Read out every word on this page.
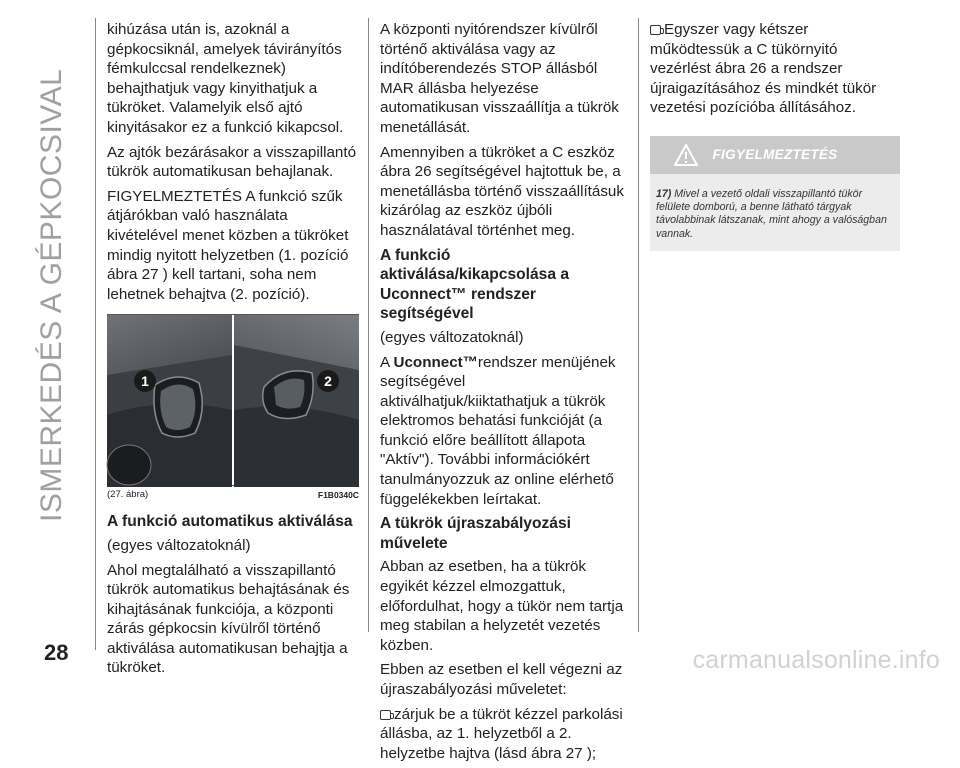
ISMERKEDÉS A GÉPKOCSIVAL

kihúzása után is, azoknál a gépkocsiknál, amelyek távirányítós fémkulccsal rendelkeznek) behajthatjuk vagy kinyithatjuk a tükröket. Valamelyik első ajtó kinyitásakor ez a funkció kikapcsol.

Az ajtók bezárásakor a visszapillantó tükrök automatikusan behajlanak.

FIGYELMEZTETÉS A funkció szűk átjárókban való használata kivételével menet közben a tükröket mindig nyitott helyzetben (1. pozíció ábra 27 ) kell tartani, soha nem lehetnek behajtva (2. pozíció).

1	2
(27. ábra)	F1B0340C
A funkció automatikus aktiválása

(egyes változatoknál)

Ahol megtalálható a visszapillantó tükrök automatikus behajtásának és kihajtásának funkciója, a központi zárás gépkocsin kívülről történő aktiválása automatikusan behajtja a tükröket.

A központi nyitórendszer kívülről történő aktiválása vagy az indítóberendezés STOP állásból MAR állásba helyezése automatikusan visszaállítja a tükrök menetállását.

Amennyiben a tükröket a C eszköz ábra 26 segítségével hajtottuk be, a menetállásba történő visszaállításuk kizárólag az eszköz újbóli használatával történhet meg.

A funkció aktiválása/kikapcsolása a Uconnect™ rendszer segítségével

(egyes változatoknál)

A Uconnect™rendszer menüjének segítségével aktiválhatjuk/kiiktathatjuk a tükrök elektromos behatási funkcióját (a funkció előre beállított állapota "Aktív"). További információkért tanulmányozzuk az online elérhető függelékekben leírtakat.

A tükrök újraszabályozási művelete

Abban az esetben, ha a tükrök egyikét kézzel elmozgattuk, előfordulhat, hogy a tükör nem tartja meg stabilan a helyzetét vezetés közben.

Ebben az esetben el kell végezni az újraszabályozási műveletet:

zárjuk be a tükröt kézzel parkolási állásba, az 1. helyzetből a 2. helyzetbe hajtva (lásd ábra 27 );

Egyszer vagy kétszer működtessük a C tükörnyitó vezérlést ábra 26 a rendszer újraigazításához és mindkét tükör vezetési pozícióba állításához.

FIGYELMEZTETÉS
17) Mivel a vezető oldali visszapillantó tükör felülete domború, a benne látható tárgyak távolabbinak látszanak, mint ahogy a valóságban vannak.
28	carmanualsonline.info
